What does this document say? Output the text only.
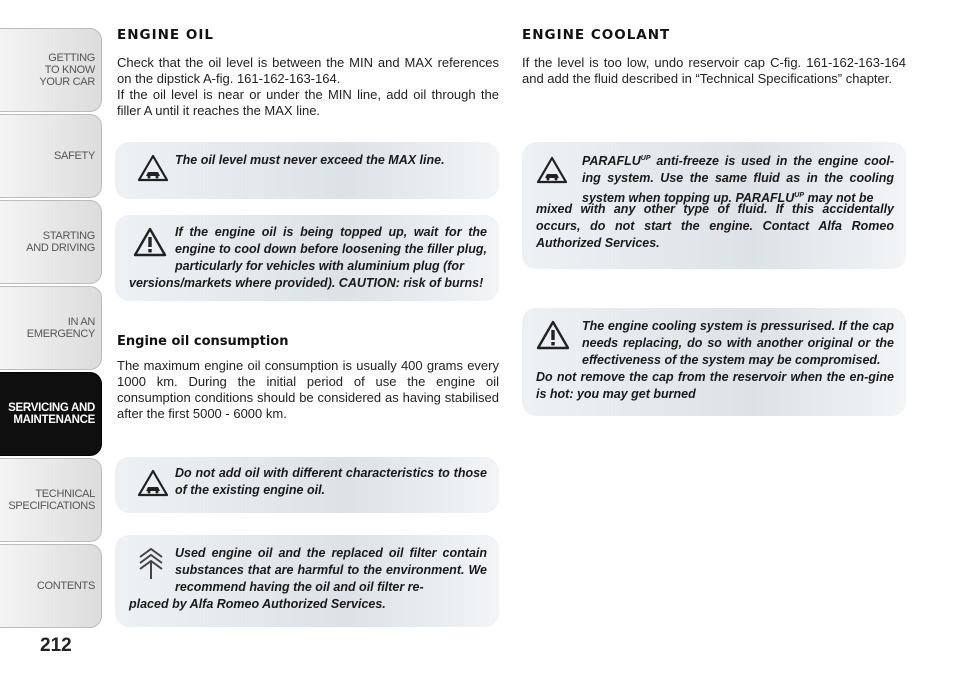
GETTING
TO KNOW
YOUR CAR
SAFETY
STARTING
AND DRIVING
IN AN
EMERGENCY
SERVICING AND
MAINTENANCE
TECHNICAL
SPECIFICATIONS
CONTENTS
212
ENGINE OIL
Check that the oil level is between the MIN and MAX references on the dipstick A-fig. 161-162-163-164.
If the oil level is near or under the MIN line, add oil through the filler A until it reaches the MAX line.
The oil level must never exceed the MAX line.
If the engine oil is being topped up, wait for the engine to cool down before loosening the filler plug, particularly for vehicles with aluminium plug (for
versions/markets where provided). CAUTION: risk of burns!
Engine oil consumption
The maximum engine oil consumption is usually 400 grams every 1000 km. During the initial period of use the engine oil consumption conditions should be considered as having stabilised after the first 5000 - 6000 km.
Do not add oil with different characteristics to those of the existing engine oil.
Used engine oil and the replaced oil filter contain substances that are harmful to the environment. We recommend having the oil and oil filter re-
placed by Alfa Romeo Authorized Services.
ENGINE COOLANT
If the level is too low, undo reservoir cap C-fig. 161-162-163-164 and add the fluid described in “Technical Specifications” chapter.
$PARAFLU^{UP}$ anti-freeze is used in the engine cool-ing system. Use the same fluid as in the cooling system when topping up. $PARAFLU^{UP}$ may not be
mixed with any other type of fluid. If this accidentally occurs, do not start the engine. Contact Alfa Romeo Authorized Services.
The engine cooling system is pressurised. If the cap needs replacing, do so with another original or the effectiveness of the system may be compromised.
Do not remove the cap from the reservoir when the en-gine is hot: you may get burned
